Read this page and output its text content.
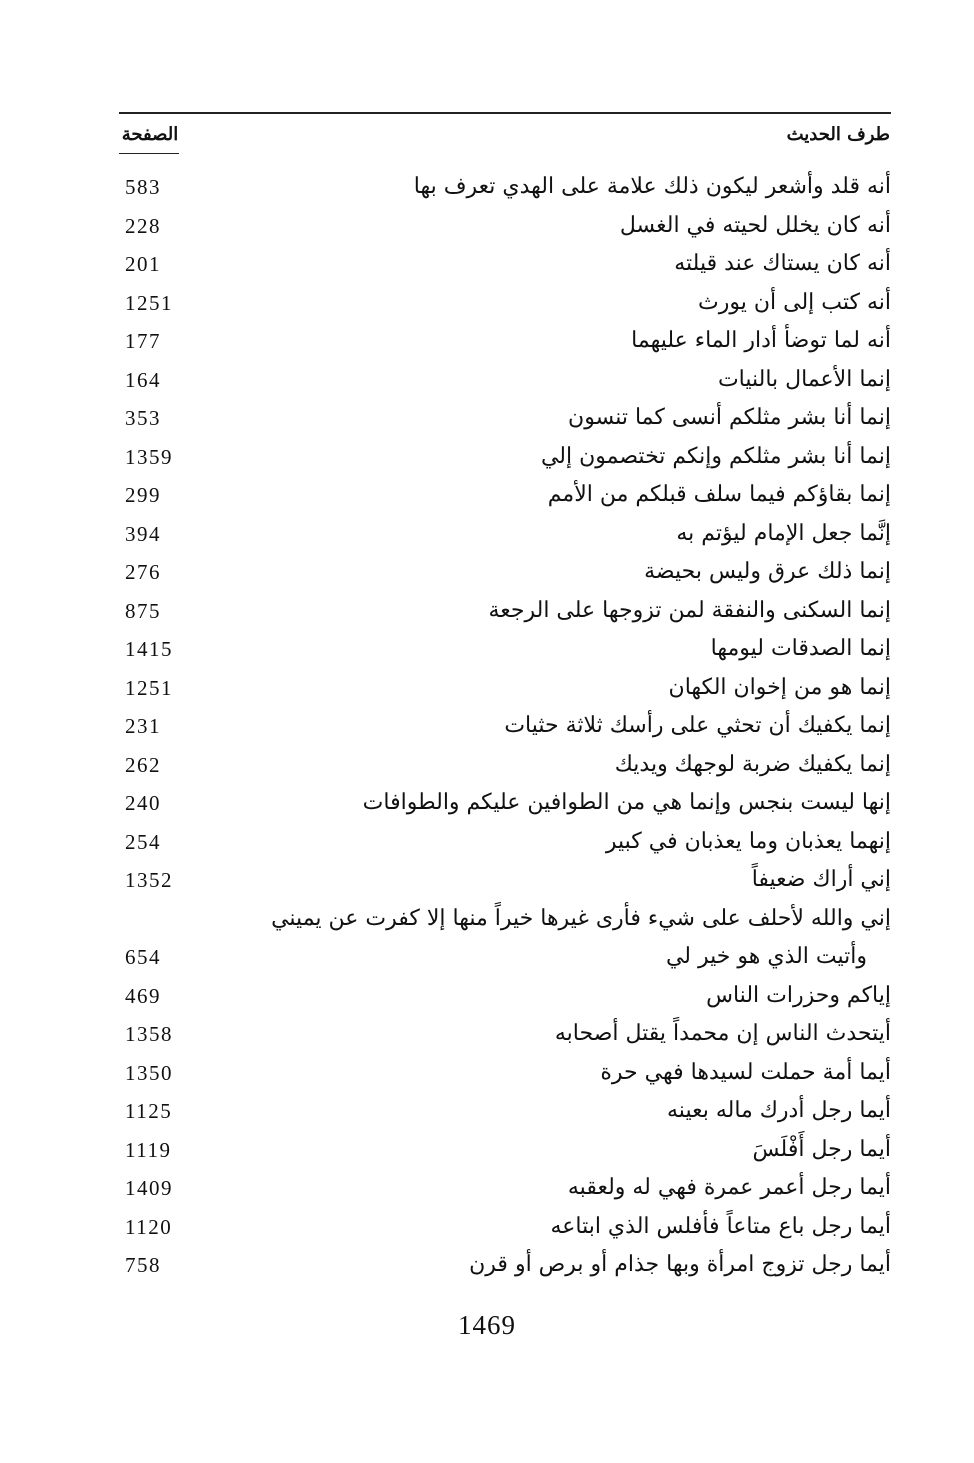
طرف الحديث
الصفحة
أنه قلد وأشعر ليكون ذلك علامة على الهدي تعرف بها
583
أنه كان يخلل لحيته في الغسل
228
أنه كان يستاك عند قيلته
201
أنه كتب إلى أن يورث
1251
أنه لما توضأ أدار الماء عليهما
177
إنما الأعمال بالنيات
164
إنما أنا بشر مثلكم أنسى كما تنسون
353
إنما أنا بشر مثلكم وإنكم تختصمون إلي
1359
إنما بقاؤكم فيما سلف قبلكم من الأمم
299
إنَّما جعل الإمام ليؤتم به
394
إنما ذلك عرق وليس بحيضة
276
إنما السكنى والنفقة لمن تزوجها على الرجعة
875
إنما الصدقات ليومها
1415
إنما هو من إخوان الكهان
1251
إنما يكفيك أن تحثي على رأسك ثلاثة حثيات
231
إنما يكفيك ضربة لوجهك ويديك
262
إنها ليست بنجس وإنما هي من الطوافين عليكم والطوافات
240
إنهما يعذبان وما يعذبان في كبير
254
إني أراك ضعيفاً
1352
إني والله لأحلف على شيء فأرى غيرها خيراً منها إلا كفرت عن يميني
وأتيت الذي هو خير لي
654
إياكم وحزرات الناس
469
أيتحدث الناس إن محمداً يقتل أصحابه
1358
أيما أمة حملت لسيدها فهي حرة
1350
أيما رجل أدرك ماله بعينه
1125
أيما رجل أَفْلَسَ
1119
أيما رجل أعمر عمرة فهي له ولعقبه
1409
أيما رجل باع متاعاً فأفلس الذي ابتاعه
1120
أيما رجل تزوج امرأة وبها جذام أو برص أو قرن
758
1469
